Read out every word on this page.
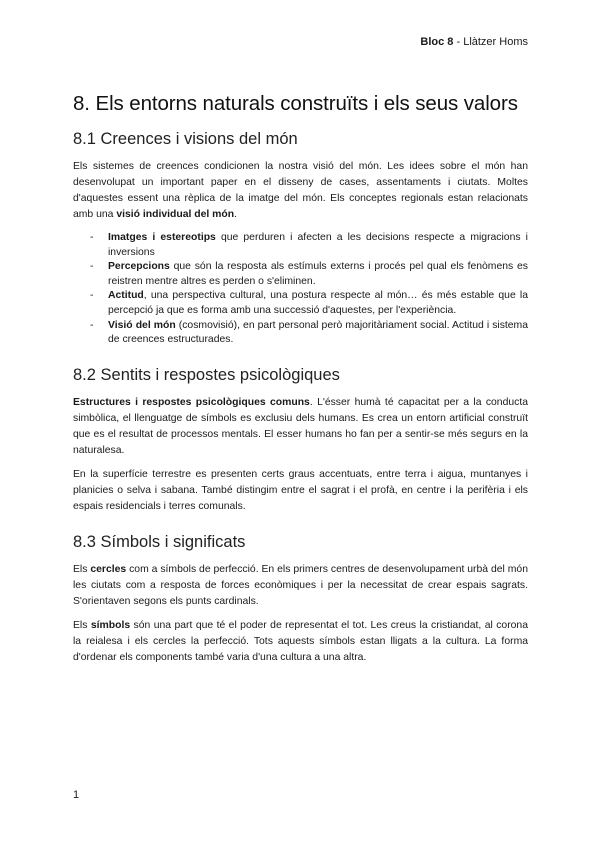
Bloc 8 - Llàtzer Homs
8. Els entorns naturals construïts i els seus valors
8.1 Creences i visions del món

Els sistemes de creences condicionen la nostra visió del món. Les idees sobre el món han desenvolupat un important paper en el disseny de cases, assentaments i ciutats. Moltes d'aquestes essent una rèplica de la imatge del món. Els conceptes regionals estan relacionats amb una visió individual del món.

- Imatges i estereotips que perduren i afecten a les decisions respecte a migracions i inversions
- Percepcions que són la resposta als estímuls externs i procés pel qual els fenòmens es reistren mentre altres es perden o s'eliminen.
- Actitud, una perspectiva cultural, una postura respecte al món… és més estable que la percepció ja que es forma amb una successió d'aquestes, per l'experiència.
- Visió del món (cosmovisió), en part personal però majoritàriament social. Actitud i sistema de creences estructurades.
8.2 Sentits i respostes psicològiques

Estructures i respostes psicològiques comuns. L'ésser humà té capacitat per a la conducta simbòlica, el llenguatge de símbols es exclusiu dels humans. Es crea un entorn artificial construït que es el resultat de processos mentals. El esser humans ho fan per a sentir-se més segurs en la naturalesa.

En la superfície terrestre es presenten certs graus accentuats, entre terra i aigua, muntanyes i planicies o selva i sabana. També distingim entre el sagrat i el profà, en centre i la perifèria i els espais residencials i terres comunals.

8.3 Símbols i significats

Els cercles com a símbols de perfecció. En els primers centres de desenvolupament urbà del món les ciutats com a resposta de forces econòmiques i per la necessitat de crear espais sagrats. S'orientaven segons els punts cardinals.

Els símbols són una part que té el poder de representat el tot. Les creus la cristiandat, al corona la reialesa i els cercles la perfecció. Tots aquests símbols estan lligats a la cultura. La forma d'ordenar els components també varia d'una cultura a una altra.

1
